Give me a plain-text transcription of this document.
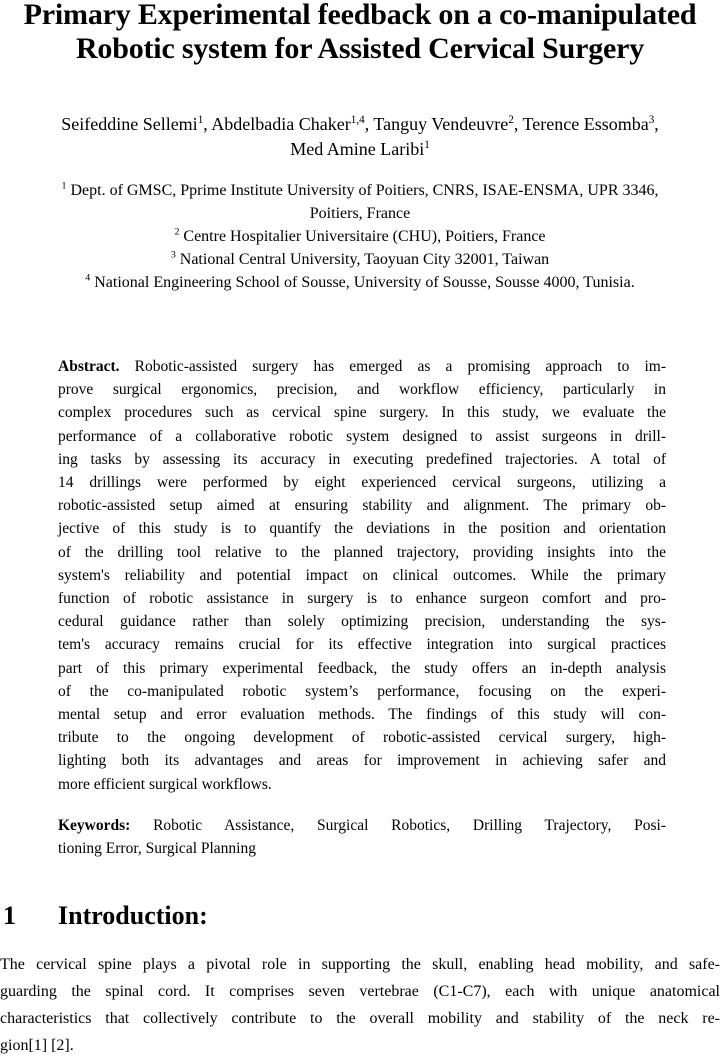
Primary Experimental feedback on a co-manipulated
Robotic system for Assisted Cervical Surgery
Seifeddine Sellemi$^1$, Abdelbadia Chaker$^{1,4}$, Tanguy Vendeuvre$^2$, Terence Essomba$^3$,
Med Amine Laribi$^1$
$^1$ Dept. of GMSC, Pprime Institute University of Poitiers, CNRS, ISAE-ENSMA, UPR 3346,
Poitiers, France
$^2$ Centre Hospitalier Universitaire (CHU), Poitiers, France
$^3$ National Central University, Taoyuan City 32001, Taiwan
$^4$ National Engineering School of Sousse, University of Sousse, Sousse 4000, Tunisia.
Abstract. Robotic-assisted surgery has emerged as a promising approach to im-
prove surgical ergonomics, precision, and workflow efficiency, particularly in
complex procedures such as cervical spine surgery. In this study, we evaluate the
performance of a collaborative robotic system designed to assist surgeons in drill-
ing tasks by assessing its accuracy in executing predefined trajectories. A total of
14 drillings were performed by eight experienced cervical surgeons, utilizing a
robotic-assisted setup aimed at ensuring stability and alignment. The primary ob-
jective of this study is to quantify the deviations in the position and orientation
of the drilling tool relative to the planned trajectory, providing insights into the
system's reliability and potential impact on clinical outcomes. While the primary
function of robotic assistance in surgery is to enhance surgeon comfort and pro-
cedural guidance rather than solely optimizing precision, understanding the sys-
tem's accuracy remains crucial for its effective integration into surgical practices
part of this primary experimental feedback, the study offers an in-depth analysis
of the co-manipulated robotic system’s performance, focusing on the experi-
mental setup and error evaluation methods. The findings of this study will con-
tribute to the ongoing development of robotic-assisted cervical surgery, high-
lighting both its advantages and areas for improvement in achieving safer and
more efficient surgical workflows.
Keywords: Robotic Assistance, Surgical Robotics, Drilling Trajectory, Posi-
tioning Error, Surgical Planning
1	Introduction:
The cervical spine plays a pivotal role in supporting the skull, enabling head mobility, and safe-
guarding the spinal cord. It comprises seven vertebrae (C1-C7), each with unique anatomical
characteristics that collectively contribute to the overall mobility and stability of the neck re-
gion[1] [2].
